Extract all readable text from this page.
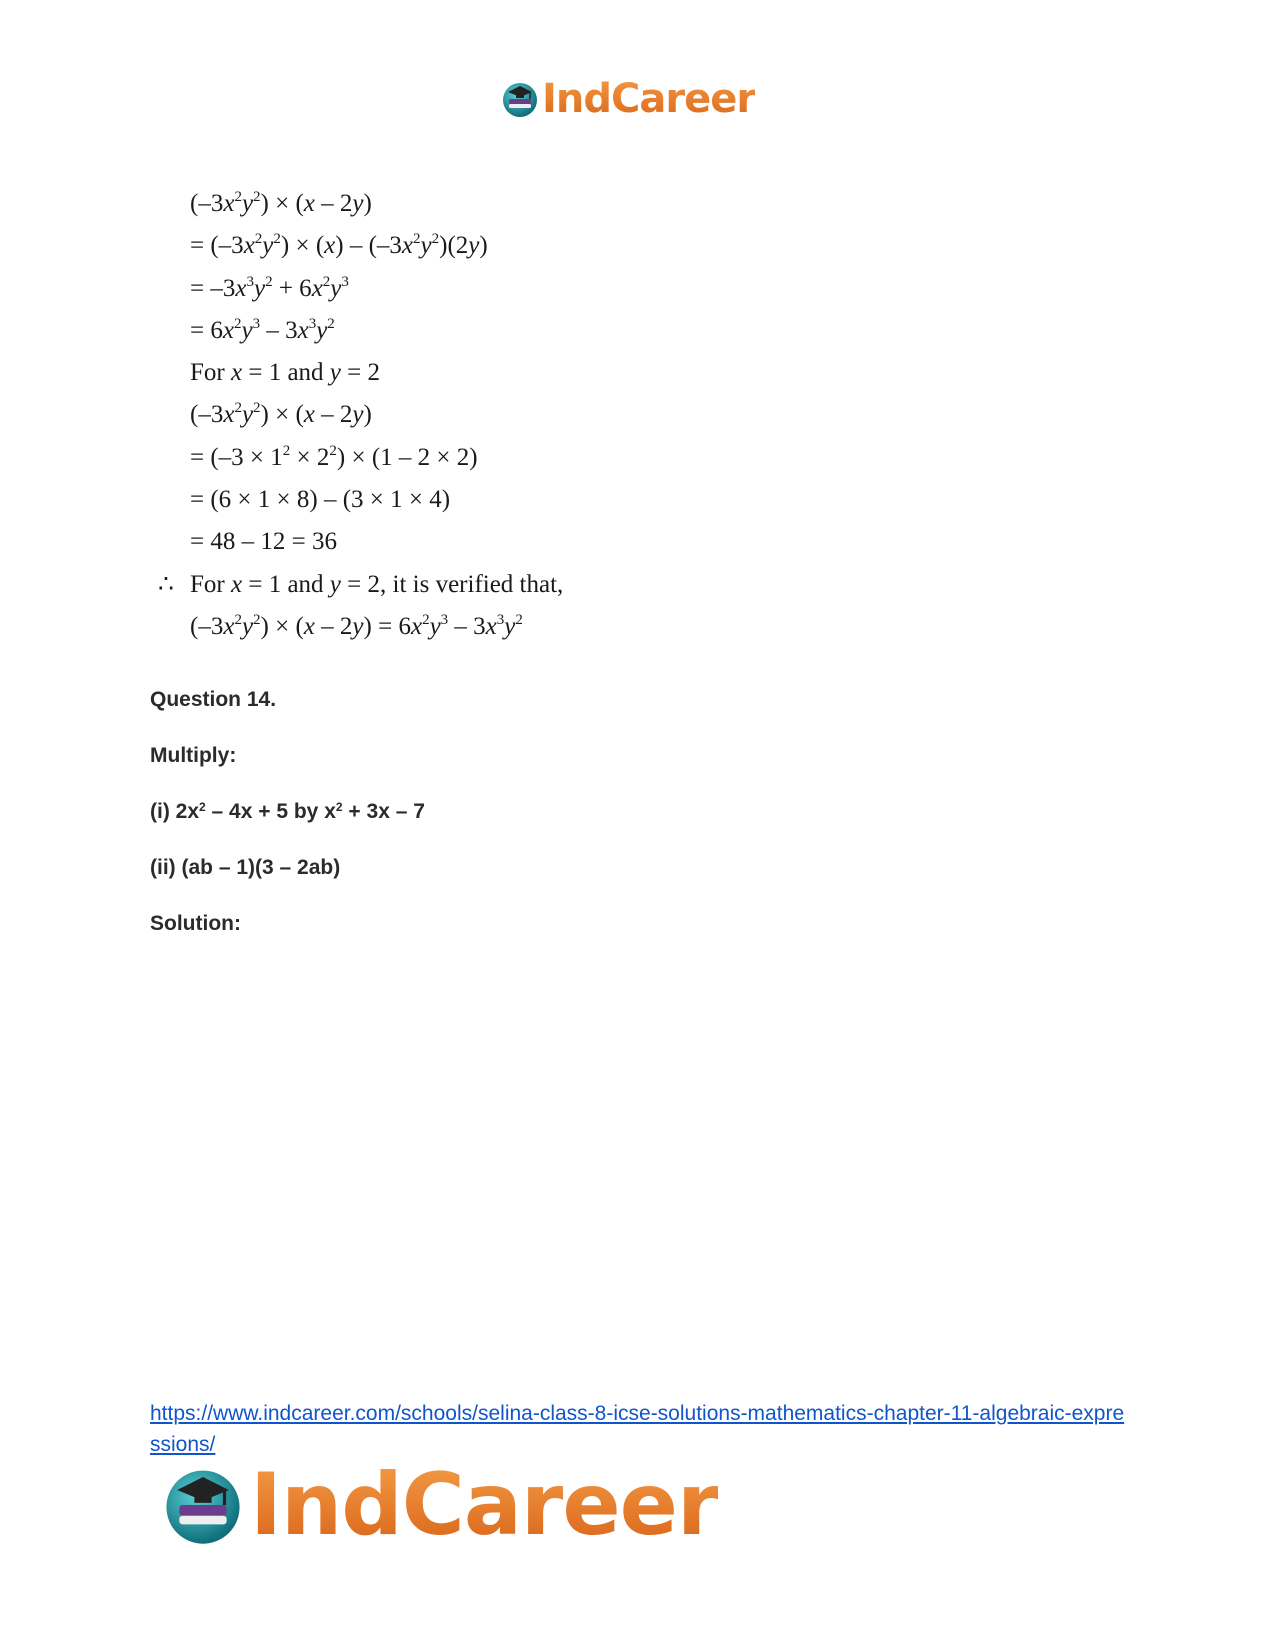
IndCareer
$(-3x^2y^2) \times (x - 2y)$
= $(-3x^2y^2) \times (x) - (-3x^2y^2)(2y)$
= $-3x^3y^2 + 6x^2y^3$
= $6x^2y^3 - 3x^3y^2$
For x = 1 and y = 2
$(-3x^2y^2) \times (x - 2y)$
= $(-3 \times 1^2 \times 2^2) \times (1 - 2 \times 2)$
= (6 × 1 × 8) – (3 × 1 × 4)
= 48 – 12 = 36
∴ For x = 1 and y = 2, it is verified that,
$(-3x^2y^2) \times (x - 2y) = 6x^2y^3 - 3x^3y^2$
Question 14.
Multiply:
(i) $2x^2 - 4x + 5$ by $x^2 + 3x - 7$
(ii) (ab – 1)(3 – 2ab)
Solution:
https://www.indcareer.com/schools/selina-class-8-icse-solutions-mathematics-chapter-11-algebraic-expressions/
IndCareer
